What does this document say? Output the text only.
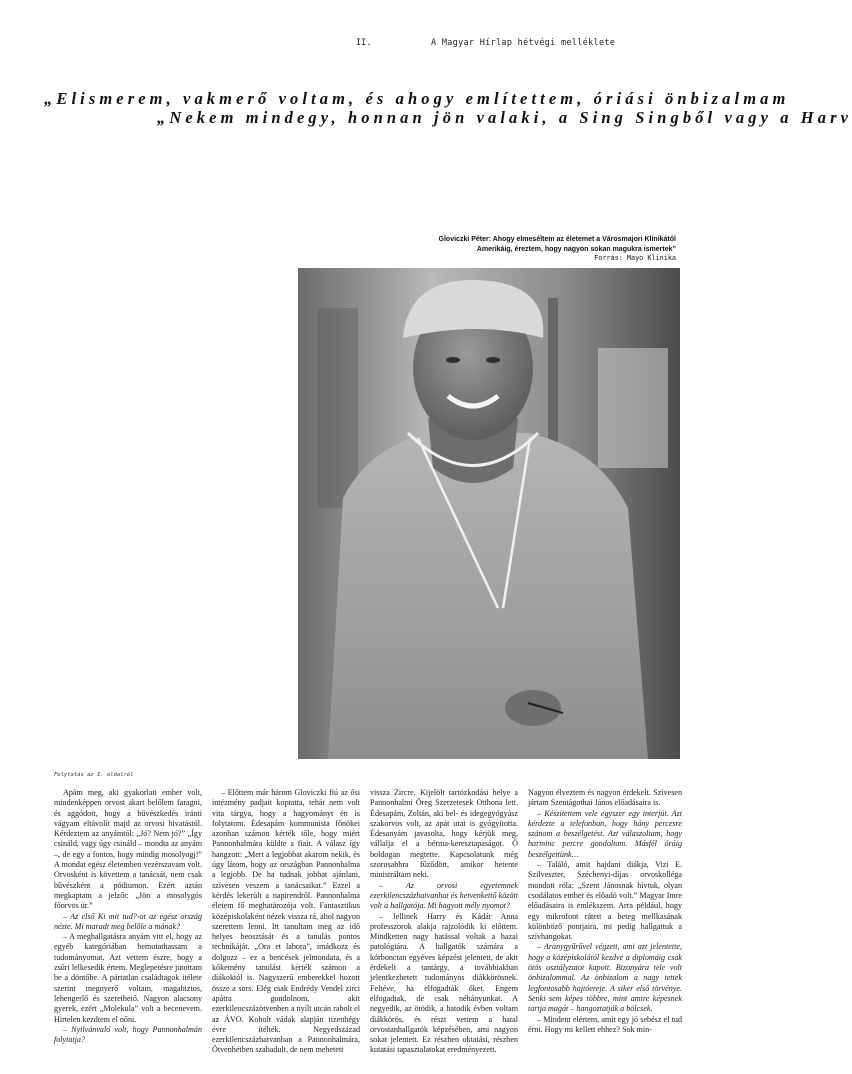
II.	A Magyar Hírlap hétvégi melléklete
„Elismerem, vakmerő voltam, és ahogy említettem, óriási önbizalmam
„Nekem mindegy, honnan jön valaki, a Sing Singből vagy a Harv
Gloviczki Péter: Ahogy elmeséltem az életemet a Városmajori Klinikától
Amerikáig, éreztem, hogy nagyon sokan magukra ismertek”
Forrás: Mayo Klinika
Folytatás az I. oldalról

Apám meg, aki gyakorlati ember volt, mindenképpen orvost akart belőlem faragni, és aggódott, hogy a bűvészkedés iránti vágyam eltávolít majd az orvosi hivatástól. Kérdeztem az anyámtól: „Jó? Nem jó?” „Így csináld, vagy úgy csináld – mondta az anyám –, de egy a fontos, hogy mindig mosolyogj!” A mondat egész életemben vezérszavam volt. Orvosként is követtem a tanácsát, nem csak bűvészként a pódiumon. Ezért aztán megkaptam a jelzőt: „Jön a mosolygós főorvos úr.”

– Az első Ki mit tud?-ot az egész ország nézte. Mi maradt meg belőle a mának?

– A meghallgatásra anyám vitt el, hogy az egyéb kategóriában bemutathassam a tudományomat. Azt vettem észre, hogy a zsűri lelkesedik értem. Meglepetésre jutottam be a döntőbe. A pártatlan családtagok ítélete szerint megnyerő voltam, magabiztos, lehengerlő és szerethető. Nagyon alacsony gyerek, ezért „Molekula” volt a becenevem. Hirtelen kezdtem el nőni.

– Nyilvánvaló volt, hogy Pannonhalmán folytatja?

– Előttem már három Gloviczki fiú az ősi intézmény padjait koptatta, tehát nem volt vita tárgya, hogy a hagyományt én is folytatom. Édesapám kommunista főnökei azonban számon kérték tőle, hogy miért Pannonhalmára küldte a fiait. A válasz így hangzott: „Mert a legjobbat akarom nekik, és úgy látom, hogy az országban Pannonhalma a legjobb. De ha tudnak jobbat ajánlani, szívesen veszem a tanácsaikat.” Ezzel a kérdés lekerült a napirendről. Pannonhalma életem fő meghatározója volt. Fantasztikus középiskolaként nézek vissza rá, ahol nagyon szerettem lenni. Itt tanultam meg az idő helyes beosztását és a tanulás pontos technikáját. „Ora et labora”, imádkozz és dolgozz – ez a bencések jelmondata, és a kőkemény tanulást kérték számon a diákoktól is. Nagyszerű emberekkel hozott össze a sors. Elég csak Endrédy Vendel zirci apátra gondolnom, akit ezerkilencszázötvenben a nyílt utcán rabolt el az ÁVO. Koholt vádak alapján tizenhégy évre ítélték. Negyedszázad ezerkilencszázhatvanban a Pannonhalmára, Ötvenhétben szabadult, de nem mehetett

vissza Zircre. Kijelölt tartózkodási helye a Pannonhalmi Öreg Szerzetesek Otthona lett. Édesapám, Zoltán, aki bel- és idegegyógyász szakorvos volt, az apát urat is gyógyította. Édesanyám javasolta, hogy kérjük meg, vállalja el a bérma-keresztapaságot. Ő boldogan megtette. Kapcsolatunk még szorosabbra fűződött, amikor hetente ministráltam neki.

– Az orvosi egyetemnek ezerkilencszázhatvanhat és hetvenkettő között volt a hallgatója. Mi hagyott mély nyomot?

– Jellinek Harry és Kádár Anna professzorok alakja rajzolódik ki előttem. Mindketten nagy hatással voltak a hazai patológiára. A hallgatók számára a kórbonctan egyéves képzést jelentett, de akit érdekelt a tantárgy, a továbbiakban jelentkezhetett tudományos diákkörösnek. Feltéve, ha elfogadták őket. Engem elfogadtak, de csak néhányunkat. A negyedik, az ötödik, a hatodik évben voltam diákkörös, és részt vettem a hatal orvostanhallgatók képzésében, ami nagyon sokat jelentett. Ez részben oktatási, részben kutatási tapasztalatokat eredményezett.

Nagyon élveztem és nagyon érdekelt. Szívesen jártam Szentágothai János előadásaira is.

– Készítettem vele egyszer egy interjút. Azt kérdezte a telefonban, hogy hány percesre szánom a beszélgetést. Azt válaszoltam, hogy harminc percre gondoltam. Másfél óráig beszélgettünk…

– Találó, amit hajdani diákja, Vizi E. Szilveszter, Széchenyi-díjas orvoskolléga mondott róla: „Szent Jánosnak hívtuk, olyan csodálatos ember és előadó volt.” Magyar Imre előadásaira is emlékszem. Arra például, hogy egy mikrofont rátett a beteg mellkasának különböző pontjaira, mi pedig hallgattuk a szívhangokat.

– Aranygyűrűvel végzett, ami azt jelentette, hogy a középiskolától kezdve a diplomáig csak ötös osztályzatot kapott. Bizonyára tele volt önbizalommal. Az önbizalom a nagy tettek legfontosabb hajtóereje. A siker első törvénye. Senki sem képes többre, mint amire képesnek tartja magát – hangoztatják a bölcsek.

– Mindent elértem, amit egy jó sebész el tud érni. Hogy mi kellett ehhez? Sok min-
